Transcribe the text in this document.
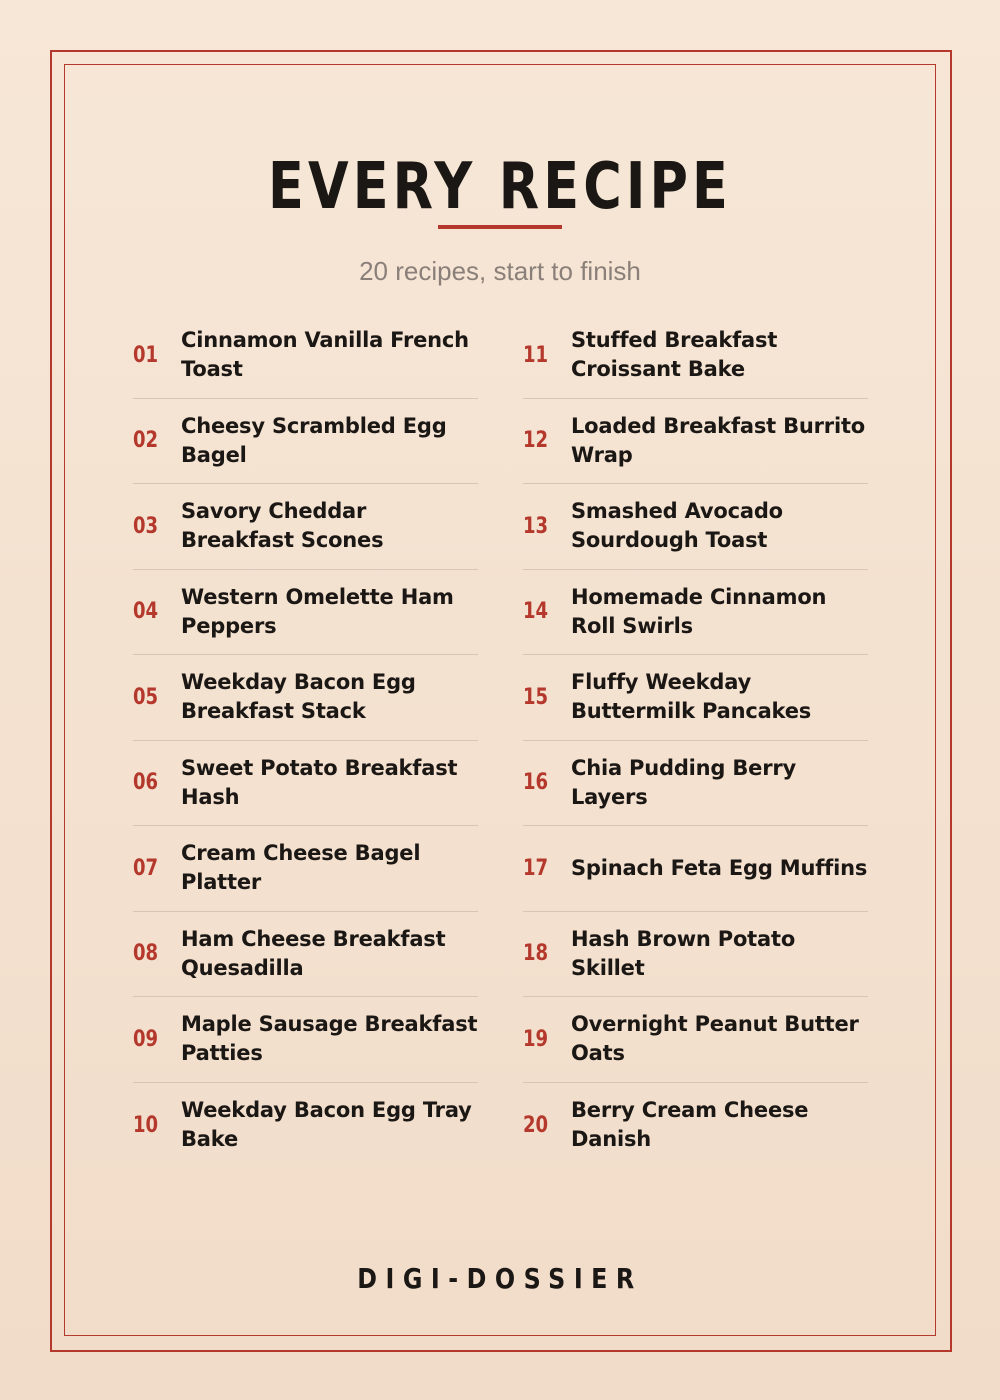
EVERY RECIPE
20 recipes, start to finish
01
Cinnamon Vanilla French Toast
02
Cheesy Scrambled Egg Bagel
03
Savory Cheddar Breakfast Scones
04
Western Omelette Ham Peppers
05
Weekday Bacon Egg Breakfast Stack
06
Sweet Potato Breakfast Hash
07
Cream Cheese Bagel Platter
08
Ham Cheese Breakfast Quesadilla
09
Maple Sausage Breakfast Patties
10
Weekday Bacon Egg Tray Bake
11
Stuffed Breakfast Croissant Bake
12
Loaded Breakfast Burrito Wrap
13
Smashed Avocado Sourdough Toast
14
Homemade Cinnamon Roll Swirls
15
Fluffy Weekday Buttermilk Pancakes
16
Chia Pudding Berry Layers
17	Spinach Feta Egg Muffins
18
Hash Brown Potato Skillet
19
Overnight Peanut Butter Oats
20
Berry Cream Cheese Danish
DIGI-DOSSIER
